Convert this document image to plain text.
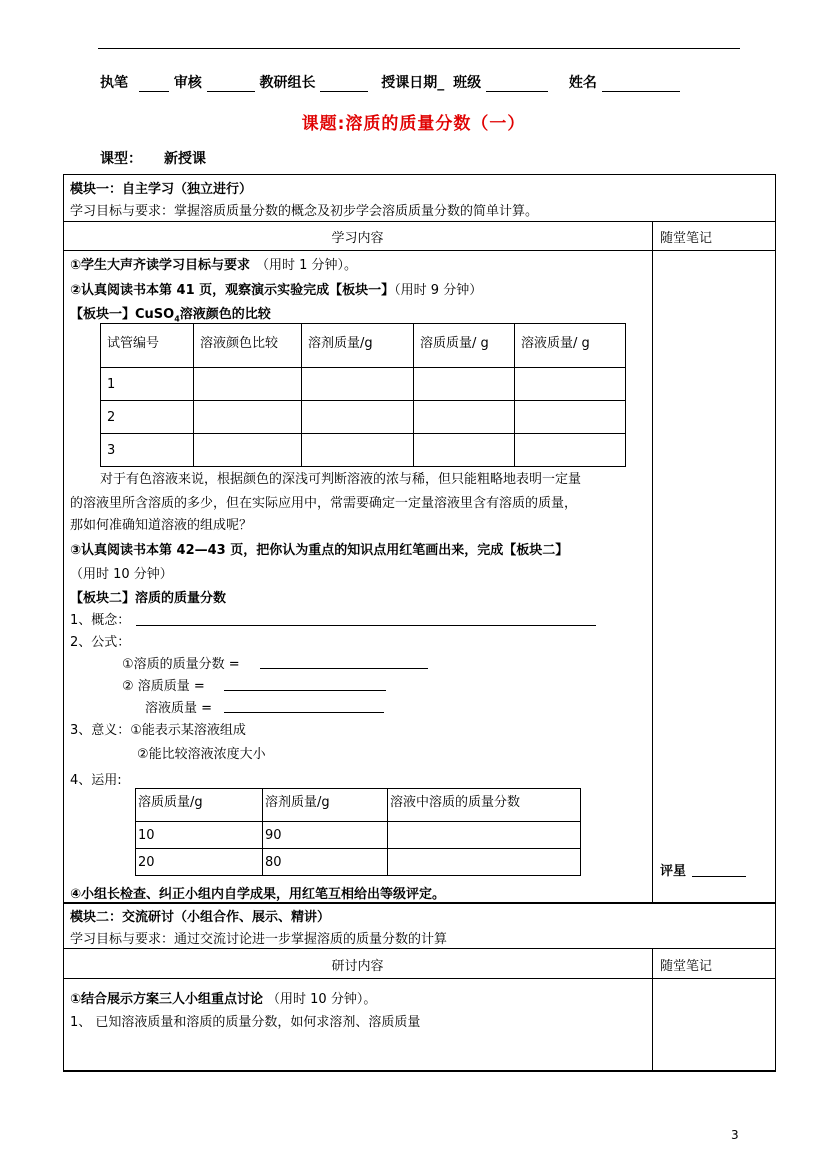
执笔	审核	教研组长	授课日期_ 班级	姓名
课题:溶质的质量分数（一）
课型： 新授课
模块一：自主学习（独立进行）
学习目标与要求：掌握溶质质量分数的概念及初步学会溶质质量分数的简单计算。
学习内容	随堂笔记
①学生大声齐读学习目标与要求 （用时 1 分钟）。
②认真阅读书本第 41 页，观察演示实验完成【板块一】（用时 9 分钟）
【板块一】CuSO$_4$溶液颜色的比较
试管编号	溶液颜色比较	溶剂质量/g	溶质质量/ g	溶液质量/ g
1				
2				
3				
对于有色溶液来说，根据颜色的深浅可判断溶液的浓与稀，但只能粗略地表明一定量
的溶液里所含溶质的多少，但在实际应用中，常需要确定一定量溶液里含有溶质的质量，
那如何准确知道溶液的组成呢？
③认真阅读书本第 42—43 页，把你认为重点的知识点用红笔画出来，完成【板块二】
（用时 10 分钟）
【板块二】溶质的质量分数
1、概念：
2、公式：
①溶质的质量分数 =
② 溶质质量 =
溶液质量 =
3、意义：①能表示某溶液组成
②能比较溶液浓度大小
4、运用:
溶质质量/g	溶剂质量/g	溶液中溶质的质量分数
10	90	
20	80	
评星
④小组长检查、纠正小组内自学成果，用红笔互相给出等级评定。
模块二：交流研讨（小组合作、展示、精讲）
学习目标与要求：通过交流讨论进一步掌握溶质的质量分数的计算
研讨内容	随堂笔记
①结合展示方案三人小组重点讨论 （用时 10 分钟）。
1、 已知溶液质量和溶质的质量分数，如何求溶剂、溶质质量
3
